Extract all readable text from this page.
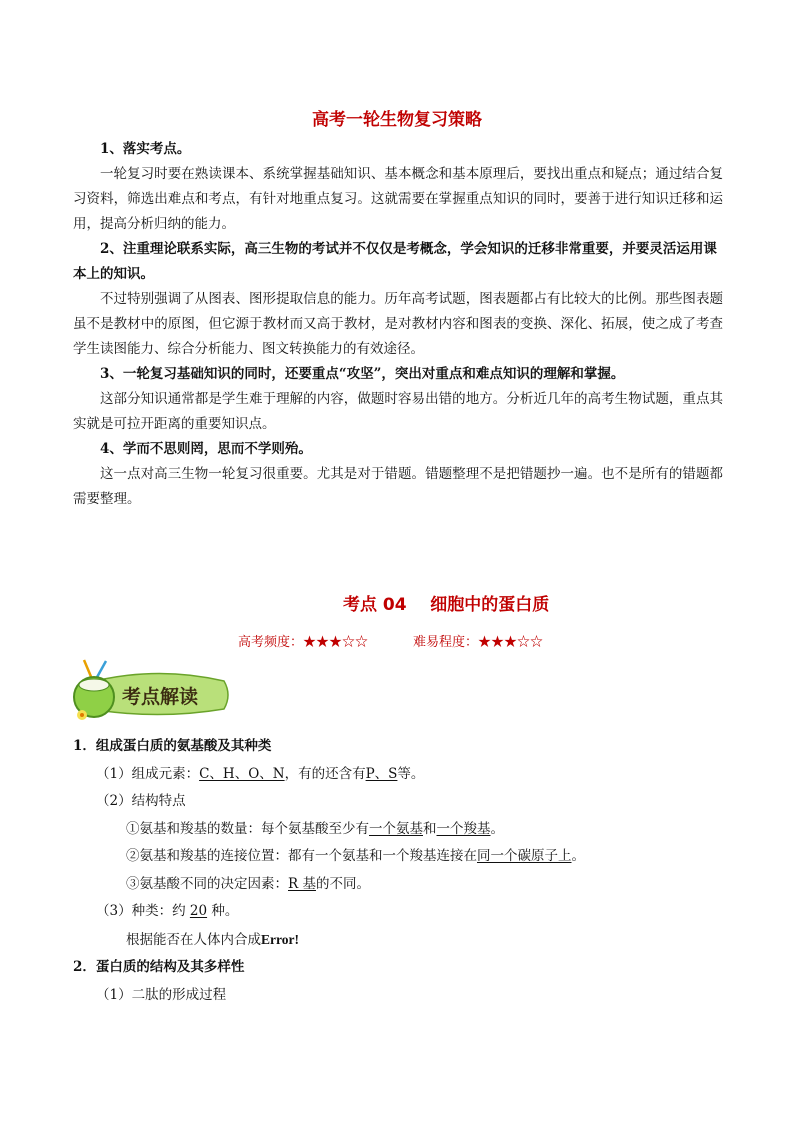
高考一轮生物复习策略
1、落实考点。
一轮复习时要在熟读课本、系统掌握基础知识、基本概念和基本原理后，要找出重点和疑点；通过结合复习资料，筛选出难点和考点，有针对地重点复习。这就需要在掌握重点知识的同时，要善于进行知识迁移和运用，提高分析归纳的能力。
2、注重理论联系实际，高三生物的考试并不仅仅是考概念，学会知识的迁移非常重要，并要灵活运用课本上的知识。
不过特别强调了从图表、图形提取信息的能力。历年高考试题，图表题都占有比较大的比例。那些图表题虽不是教材中的原图，但它源于教材而又高于教材，是对教材内容和图表的变换、深化、拓展，使之成了考查学生读图能力、综合分析能力、图文转换能力的有效途径。
3、一轮复习基础知识的同时，还要重点“攻坚”，突出对重点和难点知识的理解和掌握。
这部分知识通常都是学生难于理解的内容，做题时容易出错的地方。分析近几年的高考生物试题，重点其实就是可拉开距离的重要知识点。
4、学而不思则罔，思而不学则殆。
这一点对高三生物一轮复习很重要。尤其是对于错题。错题整理不是把错题抄一遍。也不是所有的错题都需要整理。
考点 04    细胞中的蛋白质
高考频度：★★★☆☆	难易程度：★★★☆☆
考点解读
1．组成蛋白质的氨基酸及其种类
（1）组成元素：C、H、O、N，有的还含有P、S等。
（2）结构特点
①氨基和羧基的数量：每个氨基酸至少有一个氨基和一个羧基。
②氨基和羧基的连接位置：都有一个氨基和一个羧基连接在同一个碳原子上。
③氨基酸不同的决定因素：R 基的不同。
（3）种类：约 20 种。
根据能否在人体内合成Error!
2．蛋白质的结构及其多样性
（1）二肽的形成过程
